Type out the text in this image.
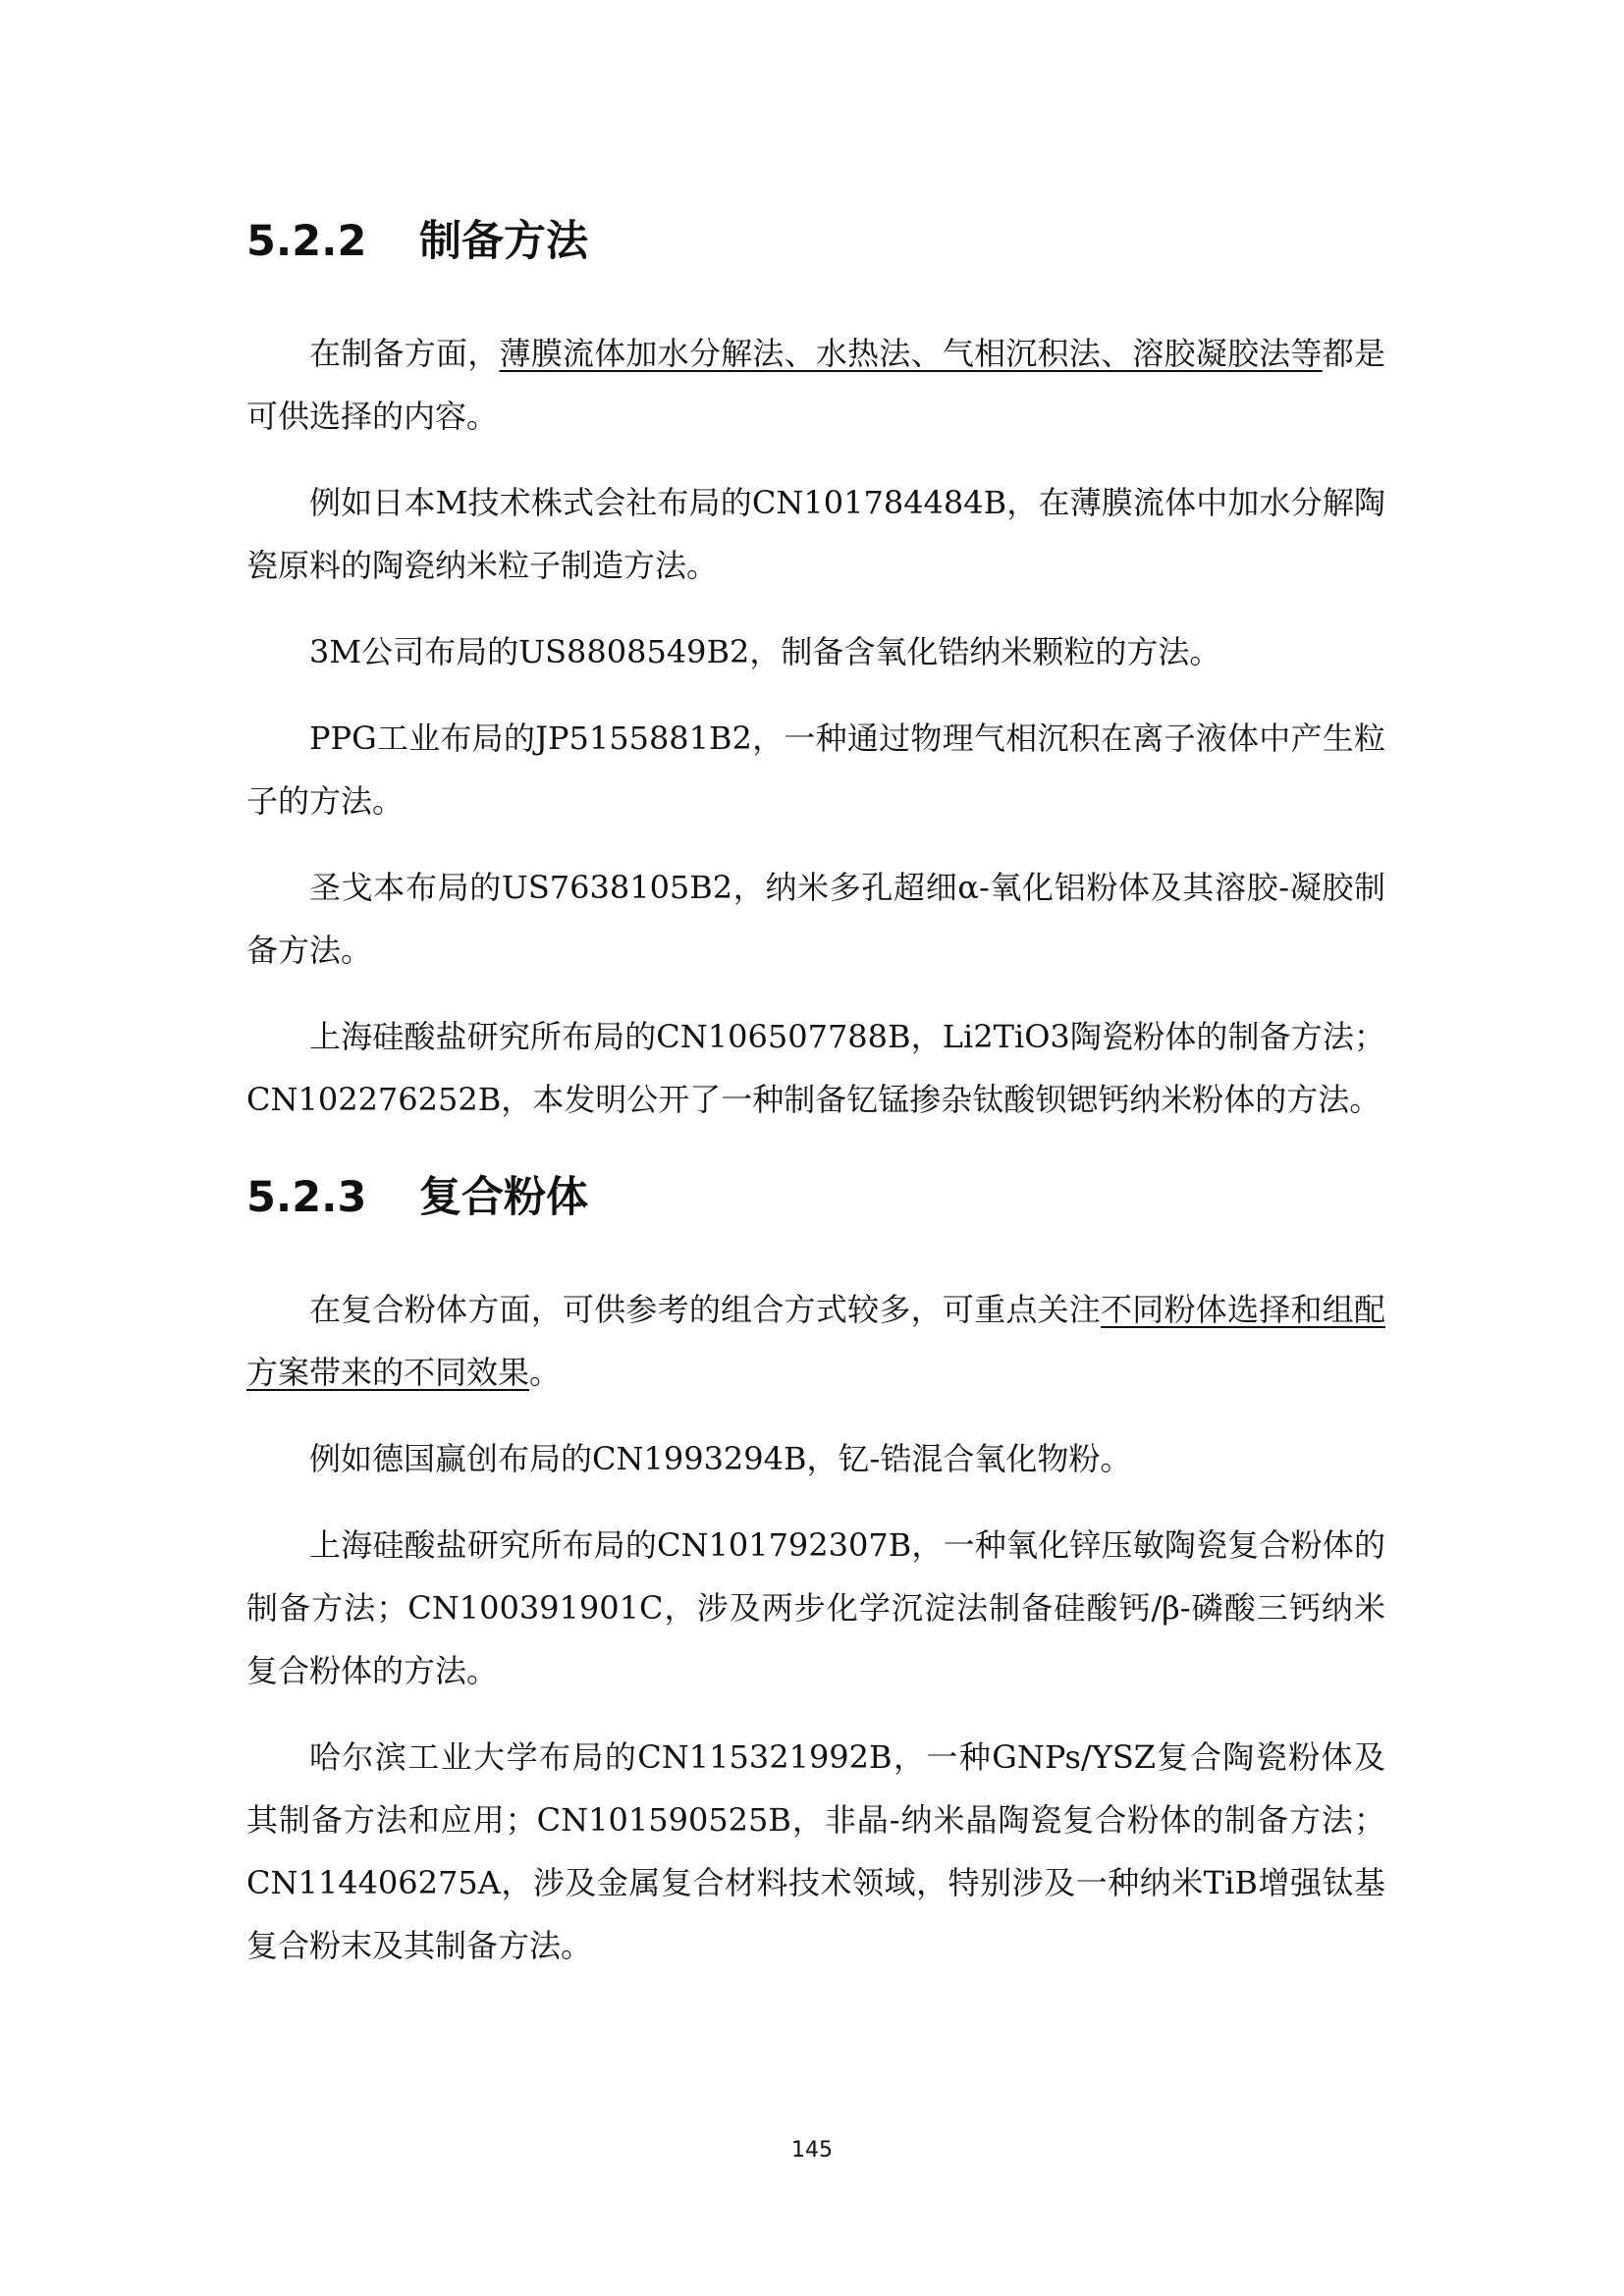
5.2.2 制备方法

在制备方面，薄膜流体加水分解法、水热法、气相沉积法、溶胶凝胶法等都是可供选择的内容。

例如日本M技术株式会社布局的CN101784484B，在薄膜流体中加水分解陶瓷原料的陶瓷纳米粒子制造方法。

3M公司布局的US8808549B2，制备含氧化锆纳米颗粒的方法。

PPG工业布局的JP5155881B2，一种通过物理气相沉积在离子液体中产生粒子的方法。

圣戈本布局的US7638105B2，纳米多孔超细α-氧化铝粉体及其溶胶-凝胶制备方法。

上海硅酸盐研究所布局的CN106507788B，Li2TiO3陶瓷粉体的制备方法；CN102276252B，本发明公开了一种制备钇锰掺杂钛酸钡锶钙纳米粉体的方法。

5.2.3 复合粉体

在复合粉体方面，可供参考的组合方式较多，可重点关注不同粉体选择和组配方案带来的不同效果。

例如德国赢创布局的CN1993294B，钇-锆混合氧化物粉。

上海硅酸盐研究所布局的CN101792307B，一种氧化锌压敏陶瓷复合粉体的制备方法；CN100391901C，涉及两步化学沉淀法制备硅酸钙/β-磷酸三钙纳米复合粉体的方法。

哈尔滨工业大学布局的CN115321992B，一种GNPs/YSZ复合陶瓷粉体及其制备方法和应用；CN101590525B，非晶-纳米晶陶瓷复合粉体的制备方法；CN114406275A，涉及金属复合材料技术领域，特别涉及一种纳米TiB增强钛基复合粉末及其制备方法。

145
